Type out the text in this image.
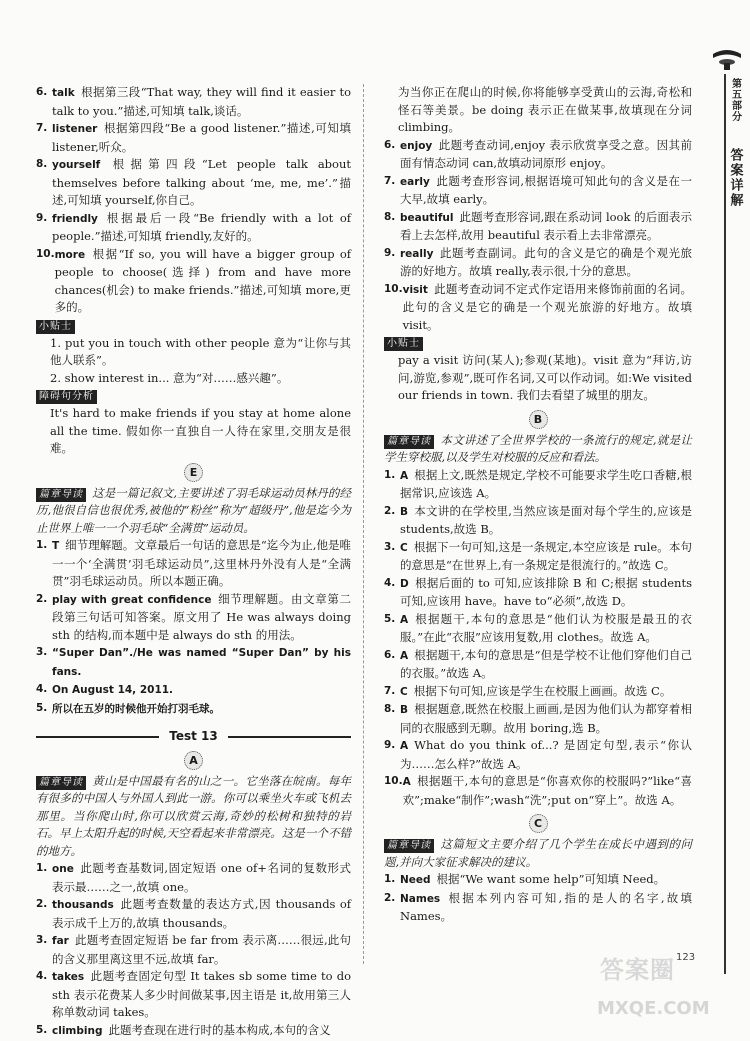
6. talk 根据第三段“That way, they will find it easier to talk to you.”描述,可知填 talk,谈话。
7. listener 根据第四段“Be a good listener.”描述,可知填 listener,听众。
8. yourself 根据第四段“Let people talk about themselves before talking about ‘me, me, me’.”描述,可知填 yourself,你自己。
9. friendly 根据最后一段“Be friendly with a lot of people.”描述,可知填 friendly,友好的。
10. more 根据“If so, you will have a bigger group of people to choose(选择) from and have more chances(机会) to make friends.”描述,可知填 more,更多的。
小贴士
1. put you in touch with other people 意为“让你与其他人联系”。
2. show interest in... 意为“对……感兴趣”。
障碍句分析
It's hard to make friends if you stay at home alone all the time. 假如你一直独自一人待在家里,交朋友是很难。
E
篇章导读 这是一篇记叙文,主要讲述了羽毛球运动员林丹的经历,他很自信也很优秀,被他的“粉丝”称为“超级丹”,他是迄今为止世界上唯一一个羽毛球“全满贯”运动员。
1. T 细节理解题。文章最后一句话的意思是“迄今为止,他是唯一一个‘全满贯’羽毛球运动员”,这里林丹外没有人是“全满贯”羽毛球运动员。所以本题正确。
2. play with great confidence 细节理解题。由文章第二段第三句话可知答案。原文用了 He was always doing sth 的结构,而本题中是 always do sth 的用法。
3. “Super Dan”./He was named “Super Dan” by his fans.
4. On August 14, 2011.
5. 所以在五岁的时候他开始打羽毛球。
Test 13
A
篇章导读 黄山是中国最有名的山之一。它坐落在皖南。每年有很多的中国人与外国人到此一游。你可以乘坐火车或飞机去那里。当你爬山时,你可以欣赏云海,奇妙的松树和独特的岩石。早上太阳升起的时候,天空看起来非常漂亮。这是一个不错的地方。
1. one 此题考查基数词,固定短语 one of+名词的复数形式表示最……之一,故填 one。
2. thousands 此题考查数量的表达方式,因 thousands of 表示成千上万的,故填 thousands。
3. far 此题考查固定短语 be far from 表示离……很远,此句的含义那里离这里不远,故填 far。
4. takes 此题考查固定句型 It takes sb some time to do sth 表示花费某人多少时间做某事,因主语是 it,故用第三人称单数动词 takes。
5. climbing 此题考查现在进行时的基本构成,本句的含义
为当你正在爬山的时候,你将能够享受黄山的云海,奇松和怪石等美景。be doing 表示正在做某事,故填现在分词 climbing。
6. enjoy 此题考查动词,enjoy 表示欣赏享受之意。因其前面有情态动词 can,故填动词原形 enjoy。
7. early 此题考查形容词,根据语境可知此句的含义是在一大早,故填 early。
8. beautiful 此题考查形容词,跟在系动词 look 的后面表示看上去怎样,故用 beautiful 表示看上去非常漂亮。
9. really 此题考查副词。此句的含义是它的确是个观光旅游的好地方。故填 really,表示很,十分的意思。
10. visit 此题考查动词不定式作定语用来修饰前面的名词。此句的含义是它的确是一个观光旅游的好地方。故填 visit。
小贴士
pay a visit 访问(某人);参观(某地)。visit 意为“拜访,访问,游览,参观”,既可作名词,又可以作动词。如:We visited our friends in town. 我们去看望了城里的朋友。
B
篇章导读 本文讲述了全世界学校的一条流行的规定,就是让学生穿校服,以及学生对校服的反应和看法。
1. A 根据上文,既然是规定,学校不可能要求学生吃口香糖,根据常识,应该选 A。
2. B 本文讲的在学校里,当然应该是面对每个学生的,应该是 students,故选 B。
3. C 根据下一句可知,这是一条规定,本空应该是 rule。本句的意思是“在世界上,有一条规定是很流行的。”故选 C。
4. D 根据后面的 to 可知,应该排除 B 和 C;根据 students 可知,应该用 have。have to“必须”,故选 D。
5. A 根据题干,本句的意思是“他们认为校服是最丑的衣服。”在此“衣服”应该用复数,用 clothes。故选 A。
6. A 根据题干,本句的意思是“但是学校不让他们穿他们自己的衣服。”故选 A。
7. C 根据下句可知,应该是学生在校服上画画。故选 C。
8. B 根据题意,既然在校服上画画,是因为他们认为都穿着相同的衣服感到无聊。故用 boring,选 B。
9. A What do you think of...? 是固定句型,表示“你认为……怎么样?”故选 A。
10. A 根据题干,本句的意思是“你喜欢你的校服吗?”like“喜欢”;make“制作”;wash“洗”;put on“穿上”。故选 A。
C
篇章导读 这篇短文主要介绍了几个学生在成长中遇到的问题,并向大家征求解决的建议。
1. Need 根据“We want some help”可知填 Need。
2. Names 根据本列内容可知,指的是人的名字,故填 Names。
第五部分
答案详解
123
答案圈
MXQE.COM
